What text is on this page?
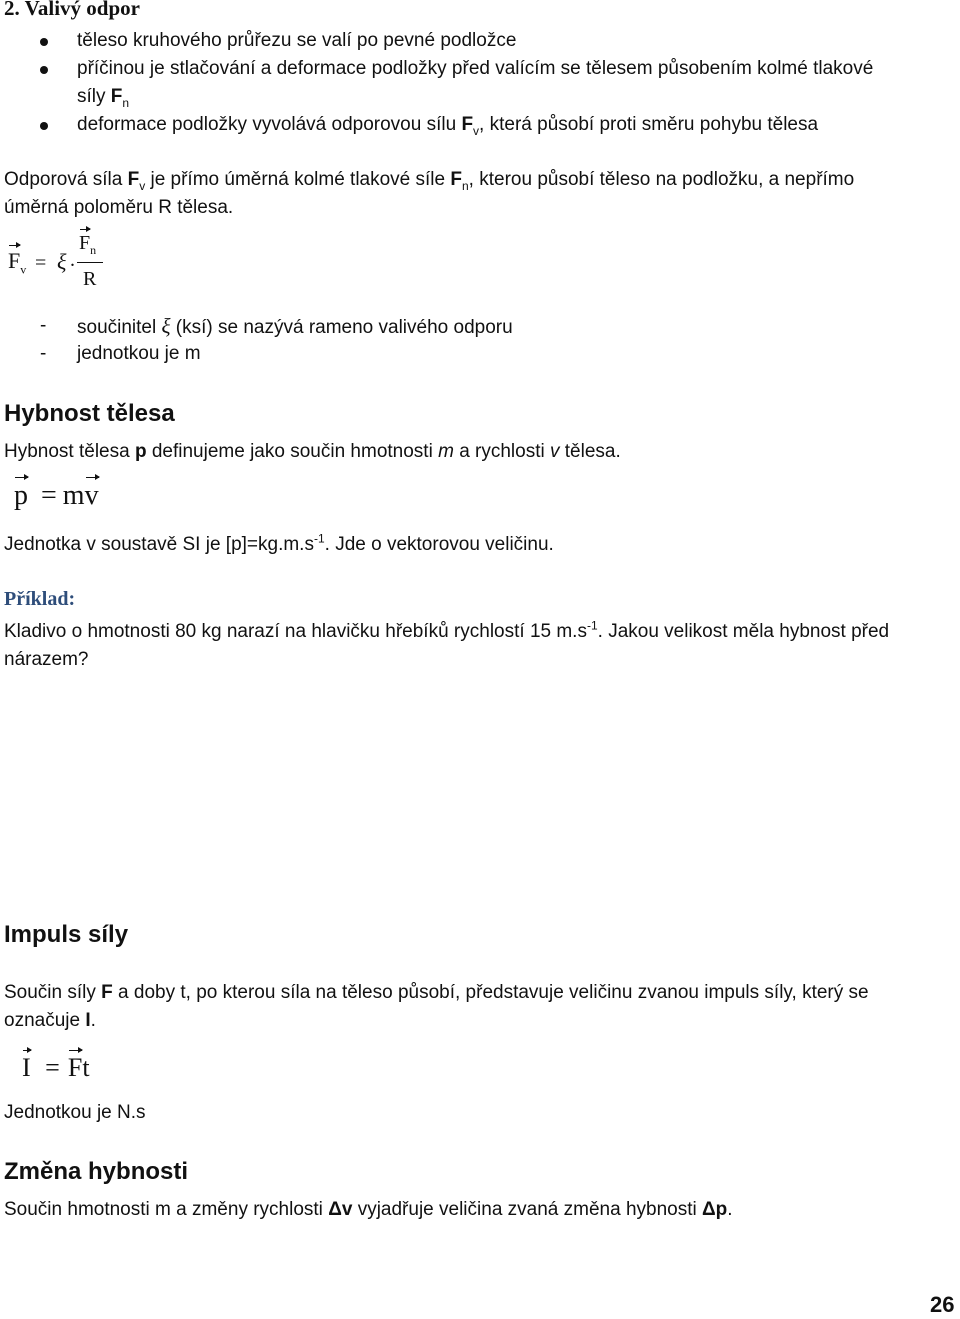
2. Valivý odpor
těleso kruhového průřezu se valí po pevné podložce
příčinou je stlačování a deformace podložky před valícím se tělesem působením kolmé tlakové
síly $F_n$
deformace podložky vyvolává odporovou sílu $F_v$, která působí proti směru pohybu tělesa
Odporová síla $F_v$ je přímo úměrná kolmé tlakové síle $F_n$, kterou působí těleso na podložku, a nepřímo
úměrná poloměru R tělesa.
$F_v = \xi$ .
$F_n$
R
- součinitel ξ (ksí) se nazývá rameno valivého odporu
- jednotkou je m
Hybnost tělesa
Hybnost tělesa p definujeme jako součin hmotnosti m a rychlosti v tělesa.
p = mv
Jednotka v soustavě SI je $[p]=kg.m.s^{-1}$. Jde o vektorovou veličinu.
Příklad:
Kladivo o hmotnosti 80 kg narazí na hlavičku hřebíků rychlostí 15 $m.s^{-1}$. Jakou velikost měla hybnost před
nárazem?
Impuls síly
Součin síly F a doby t, po kterou síla na těleso působí, představuje veličinu zvanou impuls síly, který se
označuje I.
I = Ft
Jednotkou je N.s
Změna hybnosti
Součin hmotnosti m a změny rychlosti Δv vyjadřuje veličina zvaná změna hybnosti Δp.
26
